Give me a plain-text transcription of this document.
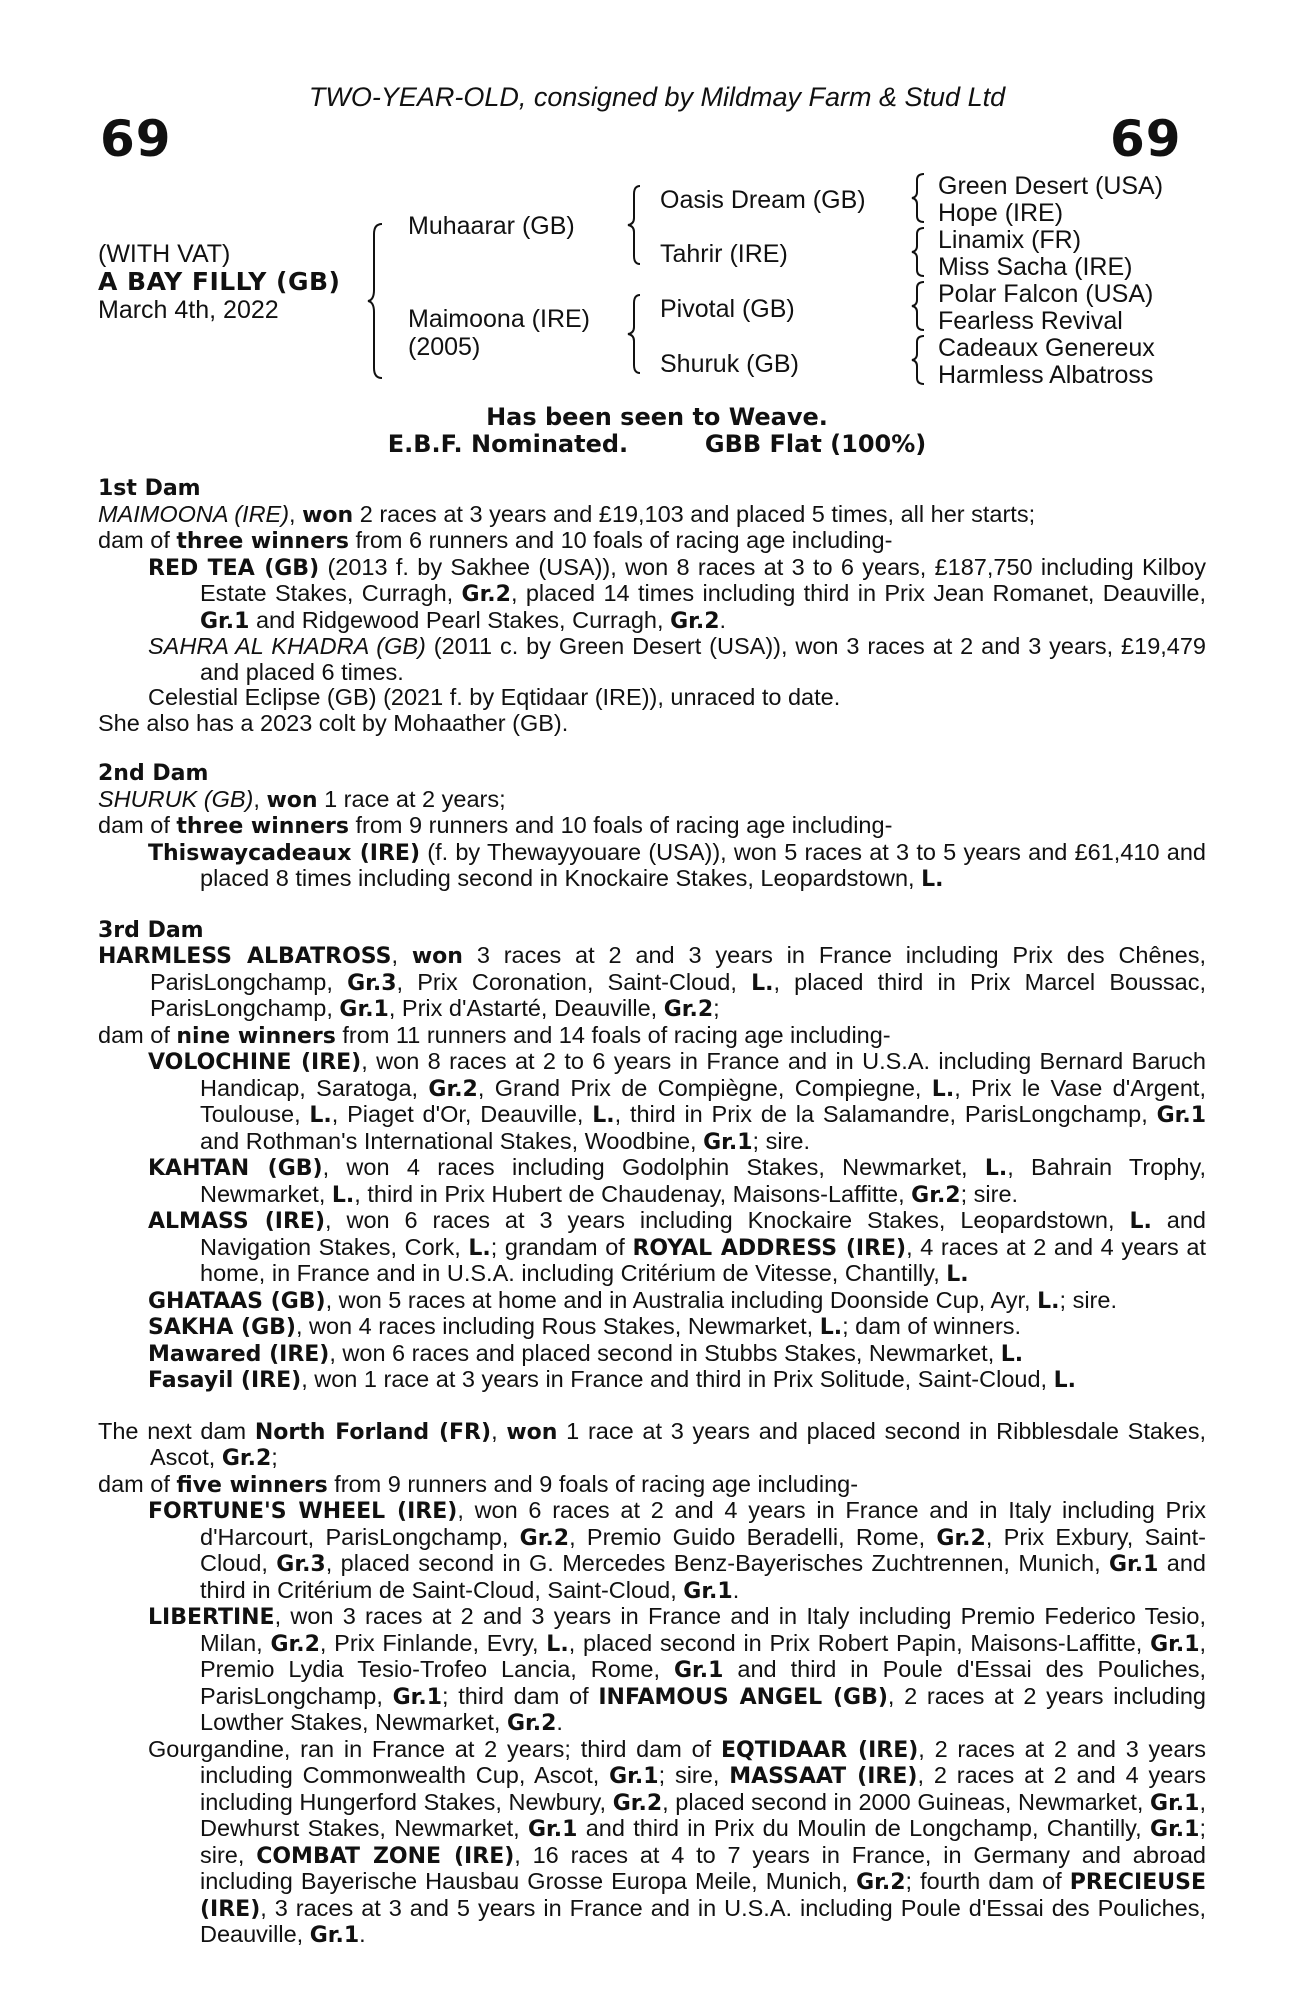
TWO-YEAR-OLD, consigned by Mildmay Farm & Stud Ltd
69	69
(WITH VAT)
A BAY FILLY (GB)
March 4th, 2022
Muhaarar (GB)
Maimoona (IRE)
(2005)
Oasis Dream (GB)
Tahrir (IRE)
Pivotal (GB)
Shuruk (GB)
Green Desert (USA)
Hope (IRE)
Linamix (FR)
Miss Sacha (IRE)
Polar Falcon (USA)
Fearless Revival
Cadeaux Genereux
Harmless Albatross
Has been seen to Weave.
E.B.F. Nominated.	GBB Flat (100%)

1st Dam

MAIMOONA (IRE), won 2 races at 3 years and £19,103 and placed 5 times, all her starts;

dam of three winners from 6 runners and 10 foals of racing age including-

RED TEA (GB) (2013 f. by Sakhee (USA)), won 8 races at 3 to 6 years, £187,750 including Kilboy Estate Stakes, Curragh, Gr.2, placed 14 times including third in Prix Jean Romanet, Deauville, Gr.1 and Ridgewood Pearl Stakes, Curragh, Gr.2.

SAHRA AL KHADRA (GB) (2011 c. by Green Desert (USA)), won 3 races at 2 and 3 years, £19,479 and placed 6 times.

Celestial Eclipse (GB) (2021 f. by Eqtidaar (IRE)), unraced to date.

She also has a 2023 colt by Mohaather (GB).

2nd Dam

SHURUK (GB), won 1 race at 2 years;

dam of three winners from 9 runners and 10 foals of racing age including-

Thiswaycadeaux (IRE) (f. by Thewayyouare (USA)), won 5 races at 3 to 5 years and £61,410 and placed 8 times including second in Knockaire Stakes, Leopardstown, L.

3rd Dam

HARMLESS ALBATROSS, won 3 races at 2 and 3 years in France including Prix des Chênes, ParisLongchamp, Gr.3, Prix Coronation, Saint-Cloud, L., placed third in Prix Marcel Boussac, ParisLongchamp, Gr.1, Prix d'Astarté, Deauville, Gr.2;

dam of nine winners from 11 runners and 14 foals of racing age including-

VOLOCHINE (IRE), won 8 races at 2 to 6 years in France and in U.S.A. including Bernard Baruch Handicap, Saratoga, Gr.2, Grand Prix de Compiègne, Compiegne, L., Prix le Vase d'Argent, Toulouse, L., Piaget d'Or, Deauville, L., third in Prix de la Salamandre, ParisLongchamp, Gr.1 and Rothman's International Stakes, Woodbine, Gr.1; sire.

KAHTAN (GB), won 4 races including Godolphin Stakes, Newmarket, L., Bahrain Trophy, Newmarket, L., third in Prix Hubert de Chaudenay, Maisons-Laffitte, Gr.2; sire.

ALMASS (IRE), won 6 races at 3 years including Knockaire Stakes, Leopardstown, L. and Navigation Stakes, Cork, L.; grandam of ROYAL ADDRESS (IRE), 4 races at 2 and 4 years at home, in France and in U.S.A. including Critérium de Vitesse, Chantilly, L.

GHATAAS (GB), won 5 races at home and in Australia including Doonside Cup, Ayr, L.; sire.

SAKHA (GB), won 4 races including Rous Stakes, Newmarket, L.; dam of winners.

Mawared (IRE), won 6 races and placed second in Stubbs Stakes, Newmarket, L.

Fasayil (IRE), won 1 race at 3 years in France and third in Prix Solitude, Saint-Cloud, L.

The next dam North Forland (FR), won 1 race at 3 years and placed second in Ribblesdale Stakes, Ascot, Gr.2;

dam of five winners from 9 runners and 9 foals of racing age including-

FORTUNE'S WHEEL (IRE), won 6 races at 2 and 4 years in France and in Italy including Prix d'Harcourt, ParisLongchamp, Gr.2, Premio Guido Beradelli, Rome, Gr.2, Prix Exbury, Saint-Cloud, Gr.3, placed second in G. Mercedes Benz-Bayerisches Zuchtrennen, Munich, Gr.1 and third in Critérium de Saint-Cloud, Saint-Cloud, Gr.1.

LIBERTINE, won 3 races at 2 and 3 years in France and in Italy including Premio Federico Tesio, Milan, Gr.2, Prix Finlande, Evry, L., placed second in Prix Robert Papin, Maisons-Laffitte, Gr.1, Premio Lydia Tesio-Trofeo Lancia, Rome, Gr.1 and third in Poule d'Essai des Pouliches, ParisLongchamp, Gr.1; third dam of INFAMOUS ANGEL (GB), 2 races at 2 years including Lowther Stakes, Newmarket, Gr.2.

Gourgandine, ran in France at 2 years; third dam of EQTIDAAR (IRE), 2 races at 2 and 3 years including Commonwealth Cup, Ascot, Gr.1; sire, MASSAAT (IRE), 2 races at 2 and 4 years including Hungerford Stakes, Newbury, Gr.2, placed second in 2000 Guineas, Newmarket, Gr.1, Dewhurst Stakes, Newmarket, Gr.1 and third in Prix du Moulin de Longchamp, Chantilly, Gr.1; sire, COMBAT ZONE (IRE), 16 races at 4 to 7 years in France, in Germany and abroad including Bayerische Hausbau Grosse Europa Meile, Munich, Gr.2; fourth dam of PRECIEUSE (IRE), 3 races at 3 and 5 years in France and in U.S.A. including Poule d'Essai des Pouliches, Deauville, Gr.1.
